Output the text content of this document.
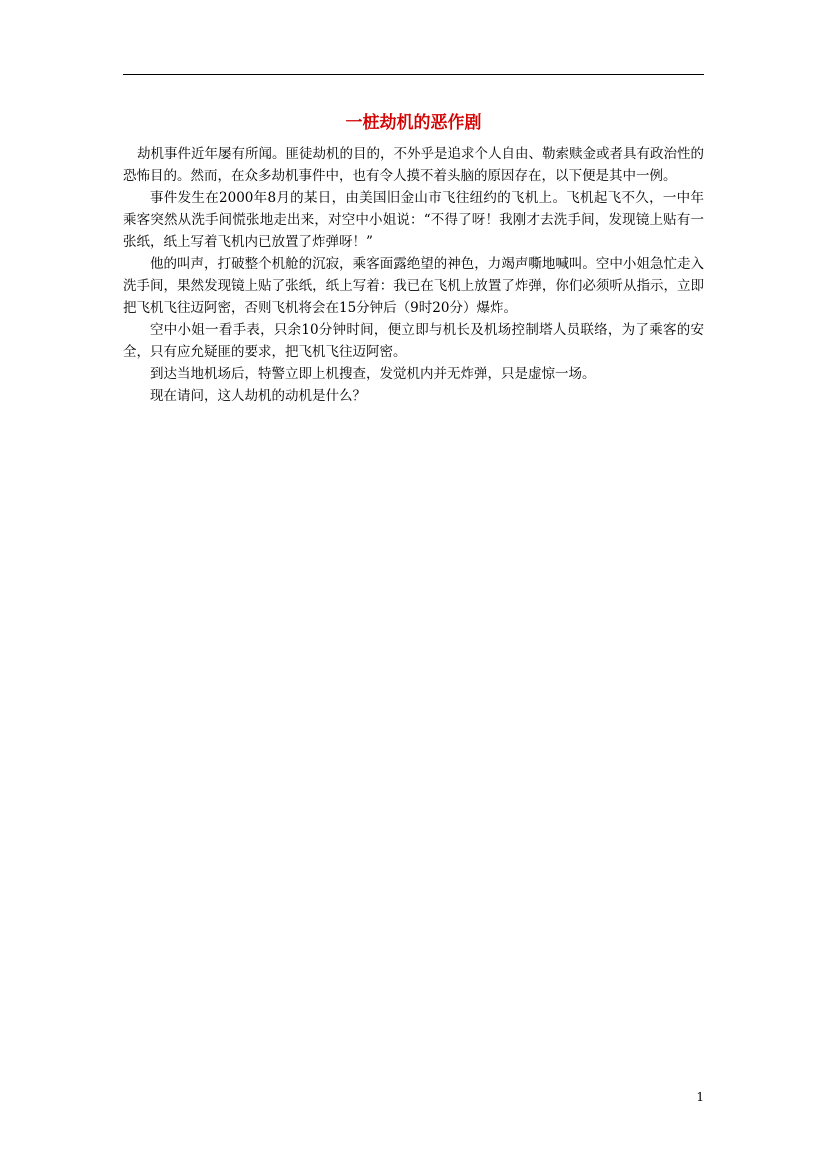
一桩劫机的恶作剧

劫机事件近年屡有所闻。匪徒劫机的目的，不外乎是追求个人自由、勒索赎金或者具有政治性的恐怖目的。然而，在众多劫机事件中，也有令人摸不着头脑的原因存在，以下便是其中一例。

事件发生在2000年8月的某日，由美国旧金山市飞往纽约的飞机上。飞机起飞不久，一中年乘客突然从洗手间慌张地走出来，对空中小姐说：“不得了呀！我刚才去洗手间，发现镜上贴有一张纸，纸上写着飞机内已放置了炸弹呀！”

他的叫声，打破整个机舱的沉寂，乘客面露绝望的神色，力竭声嘶地喊叫。空中小姐急忙走入洗手间，果然发现镜上贴了张纸，纸上写着：我已在飞机上放置了炸弹，你们必须听从指示，立即把飞机飞往迈阿密，否则飞机将会在15分钟后（9时20分）爆炸。

空中小姐一看手表，只余10分钟时间，便立即与机长及机场控制塔人员联络，为了乘客的安全，只有应允疑匪的要求，把飞机飞往迈阿密。

到达当地机场后，特警立即上机搜查，发觉机内并无炸弹，只是虚惊一场。

现在请问，这人劫机的动机是什么？

1
